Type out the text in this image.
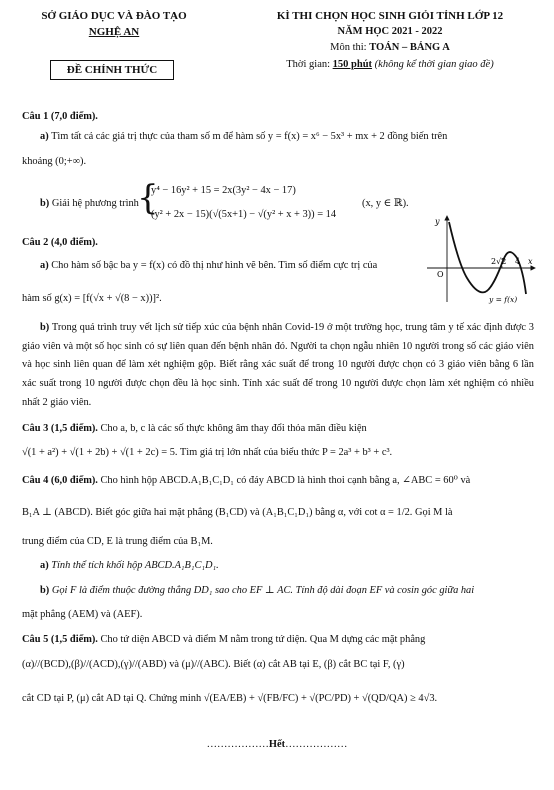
SỞ GIÁO DỤC VÀ ĐÀO TẠO
NGHỆ AN
ĐỀ CHÍNH THỨC
KÌ THI CHỌN HỌC SINH GIỎI TỈNH LỚP 12
NĂM HỌC 2021 - 2022
Môn thi: TOÁN – BẢNG A
Thời gian: 150 phút (không kể thời gian giao đề)
Câu 1 (7,0 điểm).
a) Tìm tất cả các giá trị thực của tham số m để hàm số y = f(x) = x⁶ − 5x³ + mx + 2 đồng biến trên
khoảng (0;+∞).
b) Giải hệ phương trình
{
y⁴ − 16y² + 15 = 2x(3y² − 4x − 17)
(y² + 2x − 15)(√(5x+1) − √(y² + x + 3)) = 14
(x, y ∈ ℝ).
Câu 2 (4,0 điểm).
a) Cho hàm số bậc ba y = f(x) có đồ thị như hình vẽ bên. Tìm số điểm cực trị của
hàm số g(x) = [f(√x + √(8 − x))]².
y
x
O
2√2 4
y = f(x)
b) Trong quá trình truy vết lịch sử tiếp xúc của bệnh nhân Covid-19 ở một trường học, trung tâm y tế xác định được 3 giáo viên và một số học sinh có sự liên quan đến bệnh nhân đó. Người ta chọn ngẫu nhiên 10 người trong số các giáo viên và học sinh liên quan để làm xét nghiệm gộp. Biết rằng xác suất để trong 10 người được chọn có 3 giáo viên bằng 6 lần xác suất trong 10 người được chọn đều là học sinh. Tính xác suất để trong 10 người được chọn làm xét nghiệm có nhiều nhất 2 giáo viên.
Câu 3 (1,5 điểm). Cho a, b, c là các số thực không âm thay đổi thỏa mãn điều kiện
√(1 + a²) + √(1 + 2b) + √(1 + 2c) = 5. Tìm giá trị lớn nhất của biểu thức P = 2a³ + b³ + c³.
Câu 4 (6,0 điểm). Cho hình hộp ABCD.A₁B₁C₁D₁ có đáy ABCD là hình thoi cạnh bằng a, ∠ABC = 60⁰ và
B₁A ⊥ (ABCD). Biết góc giữa hai mặt phẳng (B₁CD) và (A₁B₁C₁D₁) bằng α, với cot α = 1/2. Gọi M là
trung điểm của CD, E là trung điểm của B₁M.
a) Tính thể tích khối hộp ABCD.A₁B₁C₁D₁.
b) Gọi F là điểm thuộc đường thẳng DD₁ sao cho EF ⊥ AC. Tính độ dài đoạn EF và cosin góc giữa hai
mặt phẳng (AEM) và (AEF).
Câu 5 (1,5 điểm). Cho tứ diện ABCD và điểm M nằm trong tứ diện. Qua M dựng các mặt phẳng
(α)//(BCD),(β)//(ACD),(γ)//(ABD) và (μ)//(ABC). Biết (α) cắt AB tại E, (β) cắt BC tại F, (γ)
cắt CD tại P, (μ) cắt AD tại Q. Chứng minh √(EA/EB) + √(FB/FC) + √(PC/PD) + √(QD/QA) ≥ 4√3.
………………Hết………………
